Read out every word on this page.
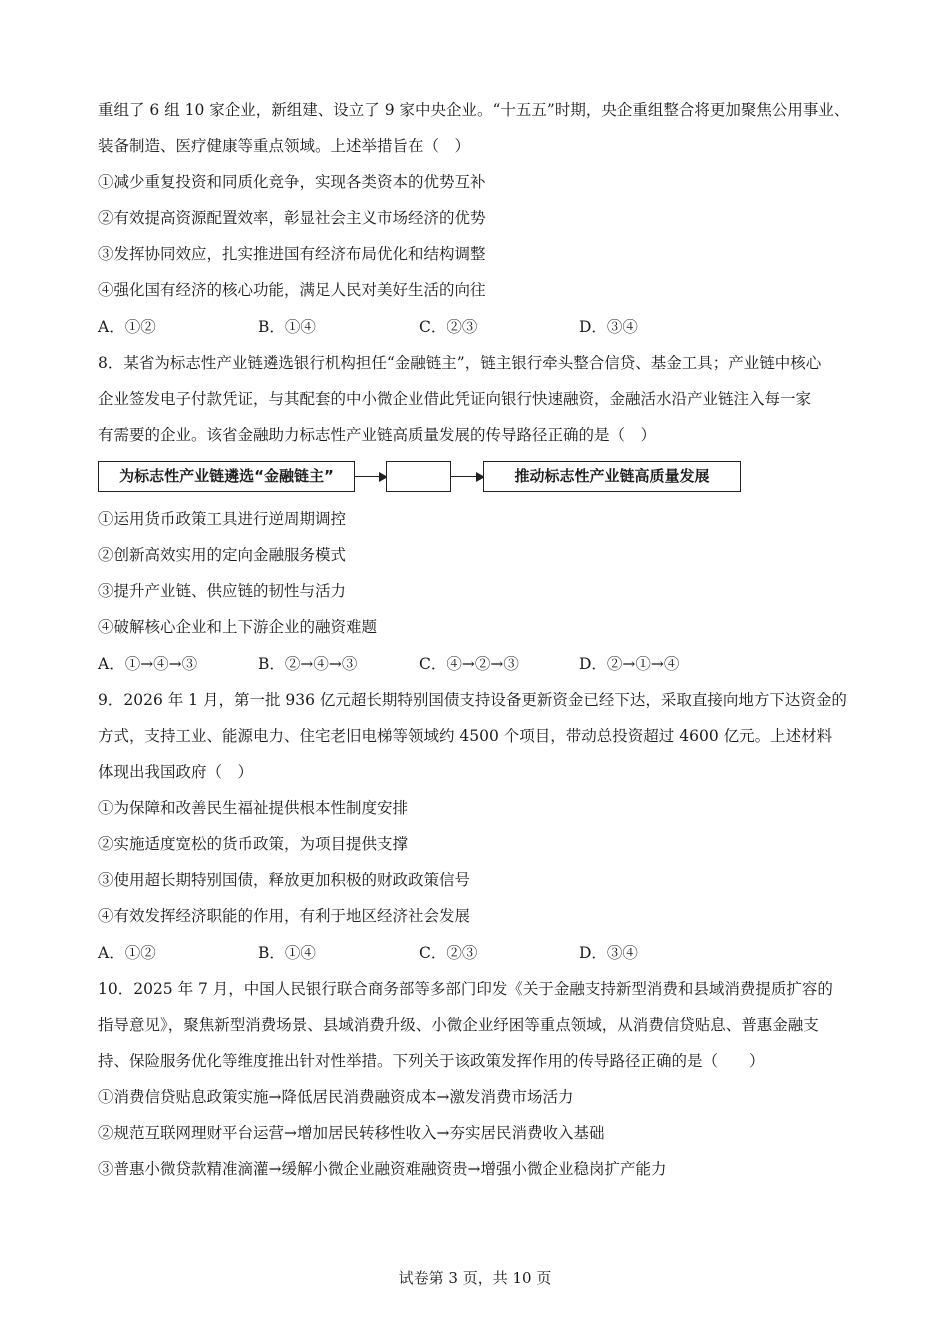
重组了 6 组 10 家企业，新组建、设立了 9 家中央企业。“十五五”时期，央企重组整合将更加聚焦公用事业、
装备制造、医疗健康等重点领域。上述举措旨在（　）
①减少重复投资和同质化竞争，实现各类资本的优势互补
②有效提高资源配置效率，彰显社会主义市场经济的优势
③发挥协同效应，扎实推进国有经济布局优化和结构调整
④强化国有经济的核心功能，满足人民对美好生活的向往
A．①②	B．①④	C．②③	D．③④
8．某省为标志性产业链遴选银行机构担任“金融链主”，链主银行牵头整合信贷、基金工具；产业链中核心
企业签发电子付款凭证，与其配套的中小微企业借此凭证向银行快速融资，金融活水沿产业链注入每一家
有需要的企业。该省金融助力标志性产业链高质量发展的传导路径正确的是（　）
为标志性产业链遴选“金融链主”	推动标志性产业链高质量发展
①运用货币政策工具进行逆周期调控
②创新高效实用的定向金融服务模式
③提升产业链、供应链的韧性与活力
④破解核心企业和上下游企业的融资难题
A．①→④→③	B．②→④→③	C．④→②→③	D．②→①→④
9．2026 年 1 月，第一批 936 亿元超长期特别国债支持设备更新资金已经下达，采取直接向地方下达资金的
方式，支持工业、能源电力、住宅老旧电梯等领域约 4500 个项目，带动总投资超过 4600 亿元。上述材料
体现出我国政府（　）
①为保障和改善民生福祉提供根本性制度安排
②实施适度宽松的货币政策，为项目提供支撑
③使用超长期特别国债，释放更加积极的财政政策信号
④有效发挥经济职能的作用，有利于地区经济社会发展
A．①②	B．①④	C．②③	D．③④
10．2025 年 7 月，中国人民银行联合商务部等多部门印发《关于金融支持新型消费和县域消费提质扩容的
指导意见》，聚焦新型消费场景、县域消费升级、小微企业纾困等重点领域，从消费信贷贴息、普惠金融支
持、保险服务优化等维度推出针对性举措。下列关于该政策发挥作用的传导路径正确的是（　　）
①消费信贷贴息政策实施→降低居民消费融资成本→激发消费市场活力
②规范互联网理财平台运营→增加居民转移性收入→夯实居民消费收入基础
③普惠小微贷款精准滴灌→缓解小微企业融资难融资贵→增强小微企业稳岗扩产能力
试卷第 3 页，共 10 页
